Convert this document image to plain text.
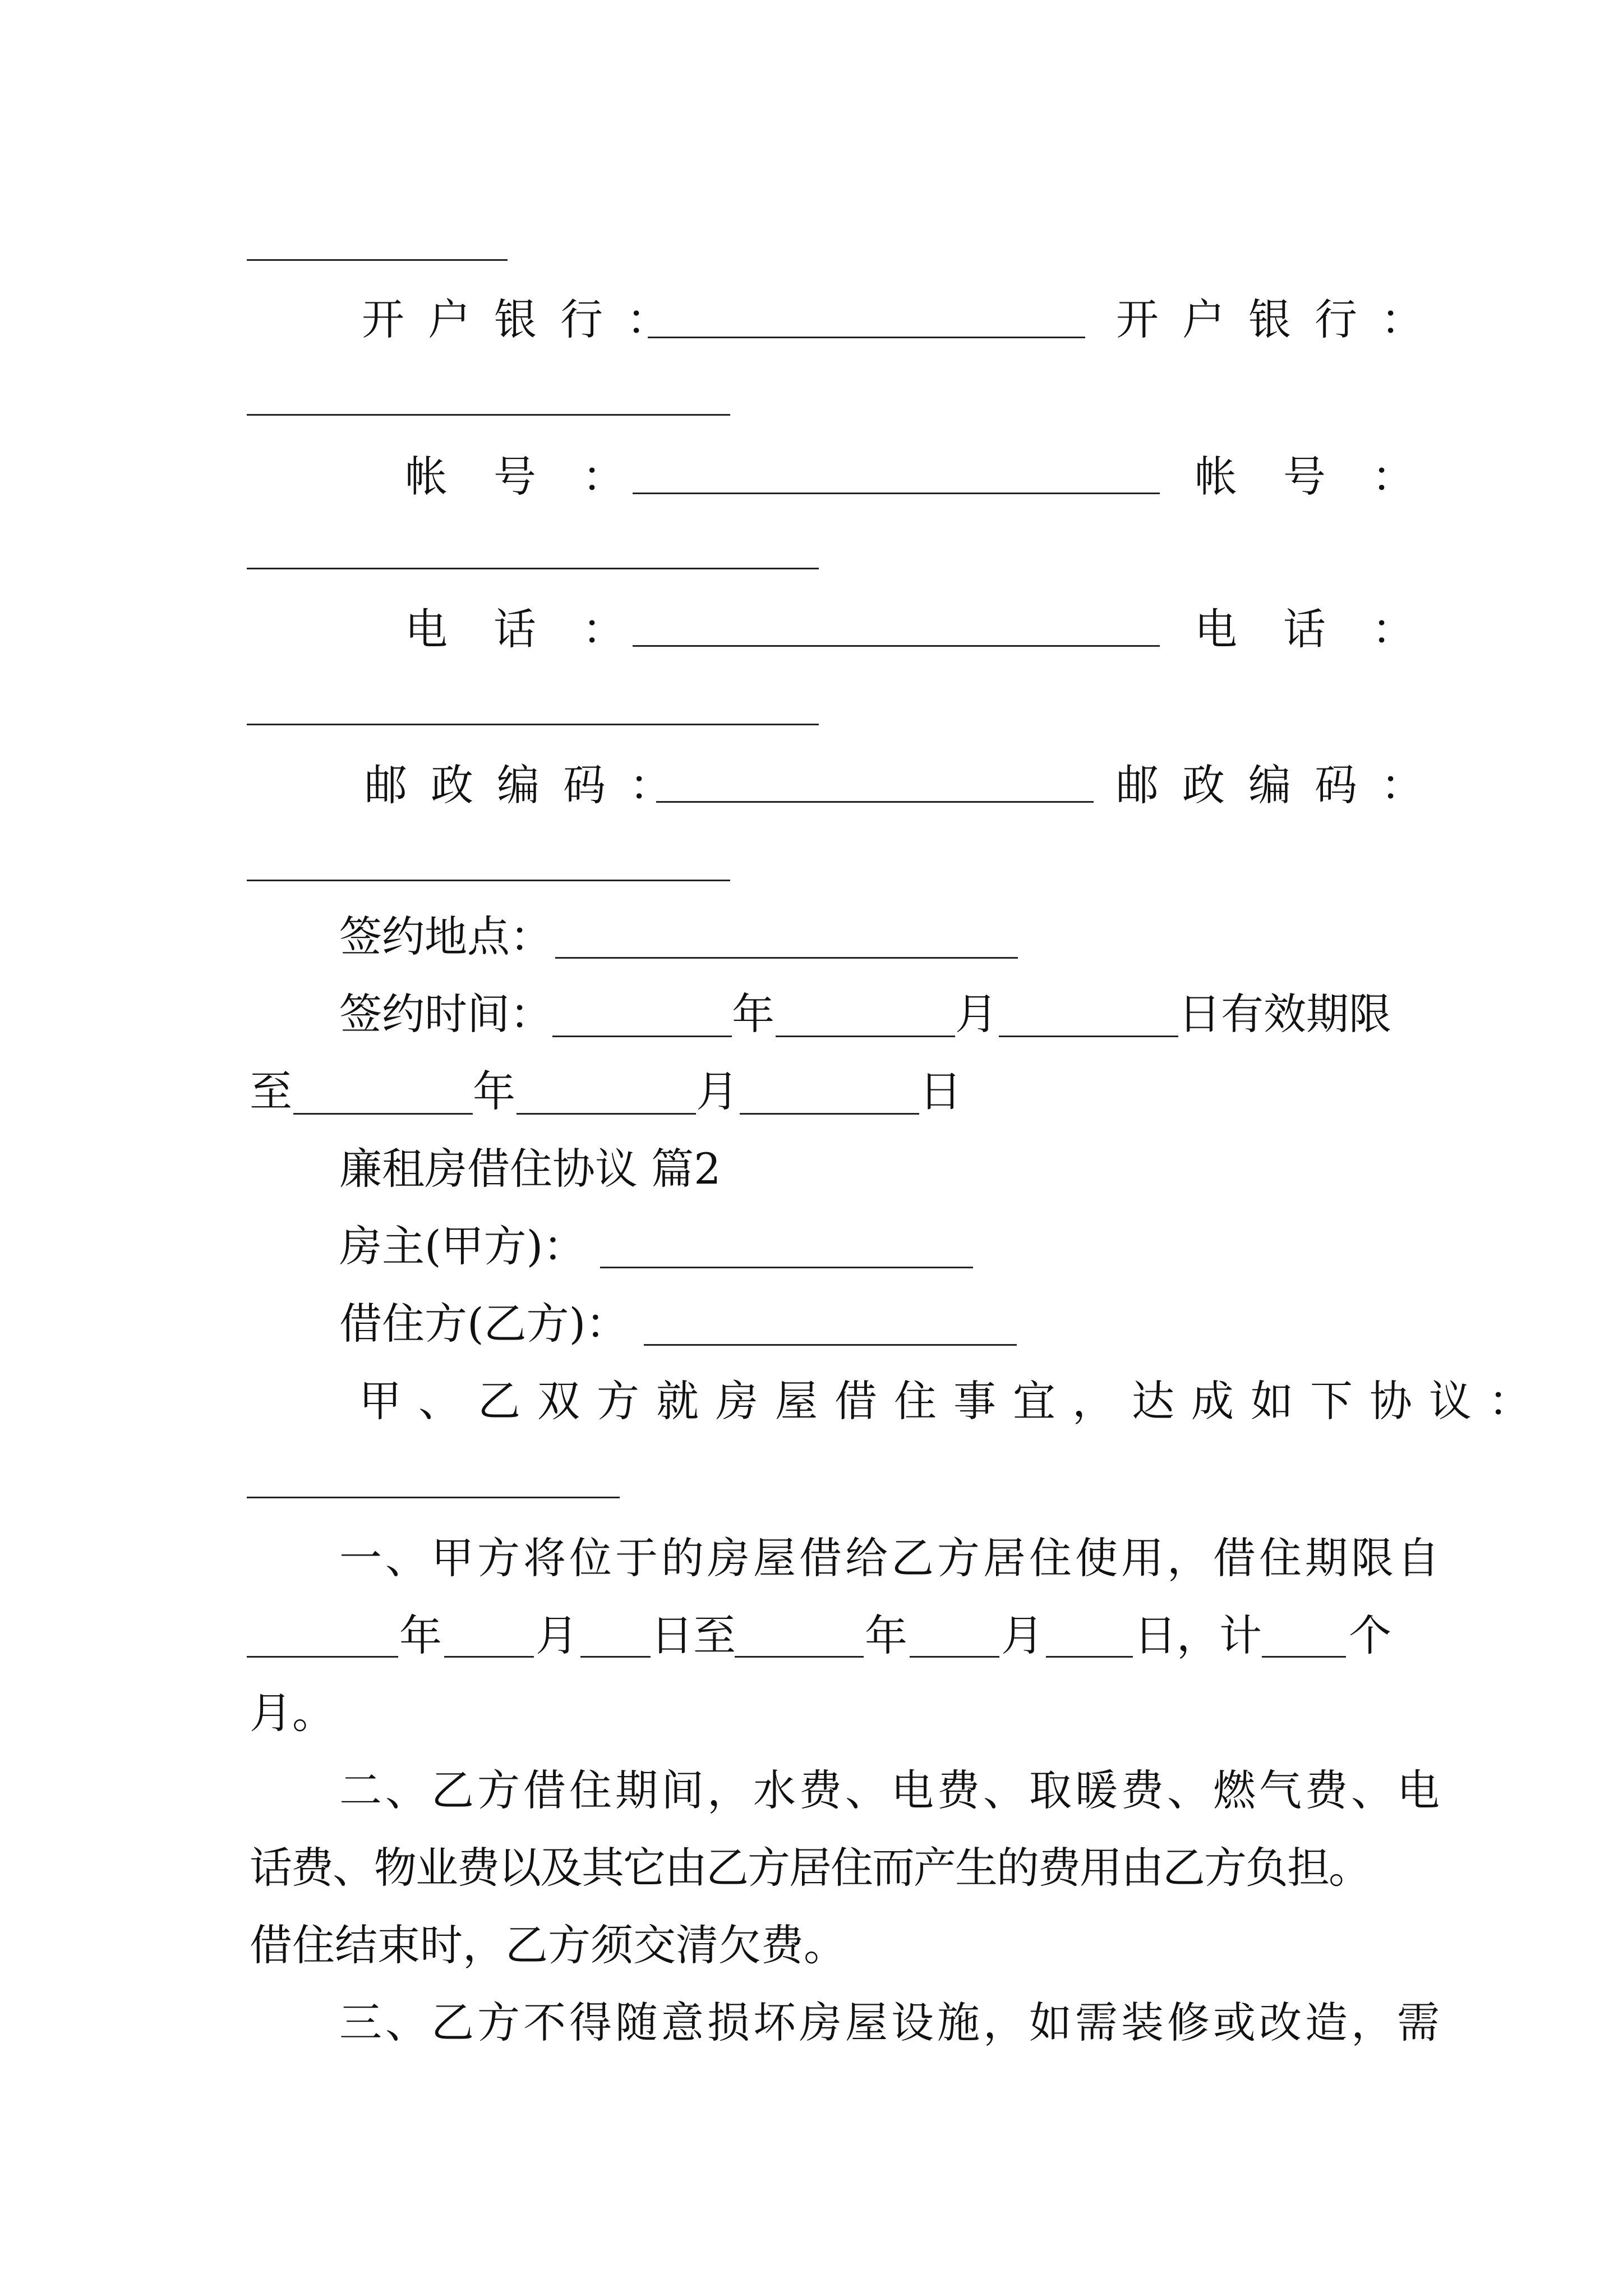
开户银行：	开户银行：
帐号：	帐号：
电话：	电话：
邮政编码：	邮政编码：
签约地点：
签约时间：	年	月	日有效期限
至	年	月	日
廉租房借住协议 篇2
房主(甲方)：
借住方(乙方)：
甲、乙双方就房屋借住事宜，达成如下协议：
一、甲方将位于的房屋借给乙方居住使用，借住期限自
年 月 日至	年 月 日，计 个
月。
二、乙方借住期间，水费、电费、取暖费、燃气费、电
话费、物业费以及其它由乙方居住而产生的费用由乙方负担。
借住结束时，乙方须交清欠费。
三、乙方不得随意损坏房屋设施，如需装修或改造，需
